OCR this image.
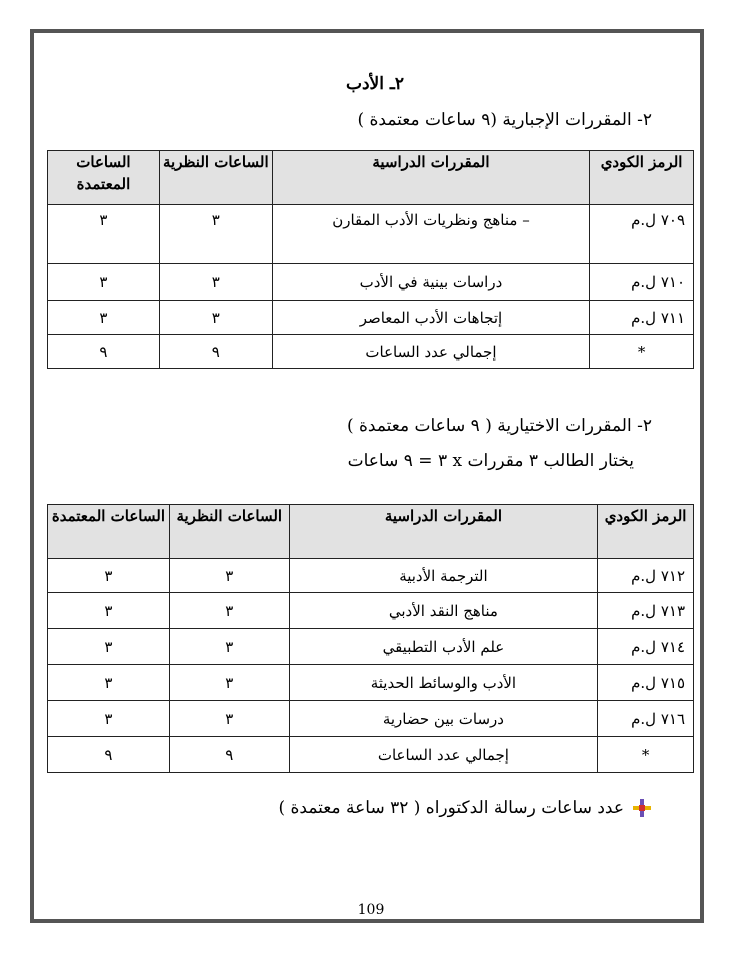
٢ـ الأدب
٢- المقررات الإجبارية (٩ ساعات معتمدة )
الرمز الكودي	المقررات الدراسية	الساعات النظرية	الساعات المعتمدة
٧٠٩ ل.م	– مناهج ونظريات الأدب المقارن	٣	٣
٧١٠ ل.م	دراسات بينية في الأدب	٣	٣
٧١١ ل.م	إتجاهات الأدب المعاصر	٣	٣
*	إجمالي عدد الساعات	٩	٩
٢- المقررات الاختيارية ( ٩ ساعات معتمدة )
يختار الطالب ٣ مقررات x ٣ = ٩ ساعات
الرمز الكودي	المقررات الدراسية	الساعات النظرية	الساعات المعتمدة
٧١٢ ل.م	الترجمة الأدبية	٣	٣
٧١٣ ل.م	مناهج النقد الأدبي	٣	٣
٧١٤ ل.م	علم الأدب التطبيقي	٣	٣
٧١٥ ل.م	الأدب والوسائط الحديثة	٣	٣
٧١٦ ل.م	درسات بين حضارية	٣	٣
*	إجمالي عدد الساعات	٩	٩
عدد ساعات رسالة الدكتوراه ( ٣٢ ساعة معتمدة )
109
